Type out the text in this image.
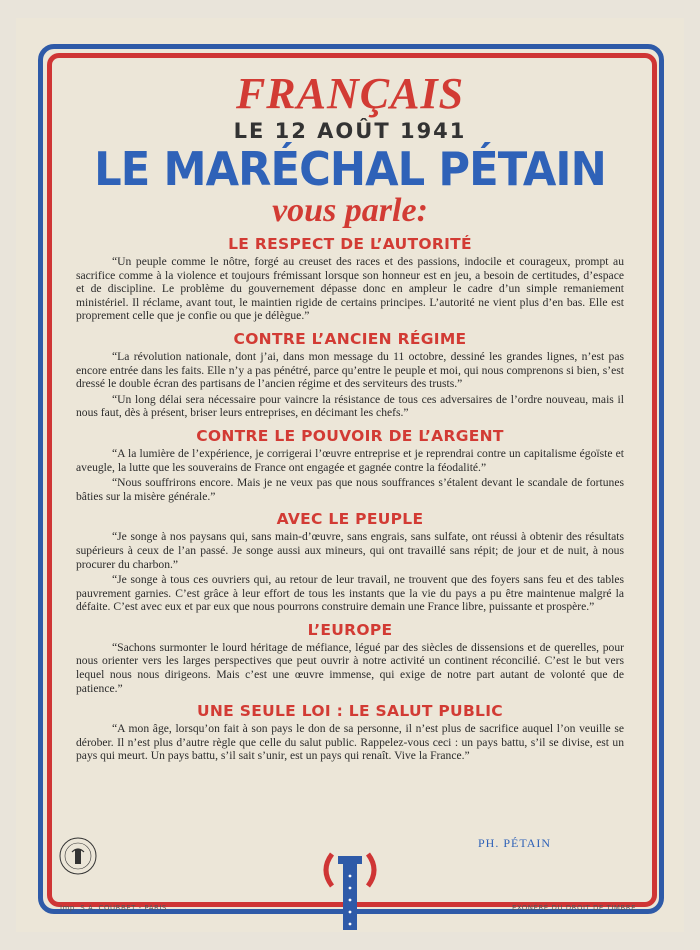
FRANÇAIS
LE 12 AOÛT 1941
LE MARÉCHAL PÉTAIN
vous parle:
LE RESPECT DE L’AUTORITÉ
“Un peuple comme le nôtre, forgé au creuset des races et des passions, indocile et courageux, prompt au sacrifice comme à la violence et toujours frémissant lorsque son honneur est en jeu, a besoin de certitudes, d’espace et de discipline. Le problème du gouvernement dépasse donc en ampleur le cadre d’un simple remaniement ministériel. Il réclame, avant tout, le maintien rigide de certains principes. L’autorité ne vient plus d’en bas. Elle est proprement celle que je confie ou que je délègue.”
CONTRE L’ANCIEN RÉGIME
“La révolution nationale, dont j’ai, dans mon message du 11 octobre, dessiné les grandes lignes, n’est pas encore entrée dans les faits. Elle n’y a pas pénétré, parce qu’entre le peuple et moi, qui nous comprenons si bien, s’est dressé le double écran des partisans de l’ancien régime et des serviteurs des trusts.”
“Un long délai sera nécessaire pour vaincre la résistance de tous ces adversaires de l’ordre nouveau, mais il nous faut, dès à présent, briser leurs entreprises, en décimant les chefs.”
CONTRE LE POUVOIR DE L’ARGENT
“A la lumière de l’expérience, je corrigerai l’œuvre entreprise et je reprendrai contre un capitalisme égoïste et aveugle, la lutte que les souverains de France ont engagée et gagnée contre la féodalité.”
“Nous souffrirons encore. Mais je ne veux pas que nous souffrances s’étalent devant le scandale de fortunes bâties sur la misère générale.”
AVEC LE PEUPLE
“Je songe à nos paysans qui, sans main-d’œuvre, sans engrais, sans sulfate, ont réussi à obtenir des résultats supérieurs à ceux de l’an passé. Je songe aussi aux mineurs, qui ont travaillé sans répit; de jour et de nuit, à nous procurer du charbon.”
“Je songe à tous ces ouvriers qui, au retour de leur travail, ne trouvent que des foyers sans feu et des tables pauvrement garnies. C’est grâce à leur effort de tous les instants que la vie du pays a pu être maintenue malgré la défaite. C’est avec eux et par eux que nous pourrons construire demain une France libre, puissante et prospère.”
L’EUROPE
“Sachons surmonter le lourd héritage de méfiance, légué par des siècles de dissensions et de querelles, pour nous orienter vers les larges perspectives que peut ouvrir à notre activité un continent réconcilié. C’est le but vers lequel nous nous dirigeons. Mais c’est une œuvre immense, qui exige de notre part autant de volonté que de patience.”
UNE SEULE LOI : LE SALUT PUBLIC
“A mon âge, lorsqu’on fait à son pays le don de sa personne, il n’est plus de sacrifice auquel l’on veuille se dérober. Il n’est plus d’autre règle que celle du salut public. Rappelez-vous ceci : un pays battu, s’il se divise, est un pays qui meurt. Un pays battu, s’il sait s’unir, est un pays qui renaît. Vive la France.”
PH. PÉTAIN
Imp. S.A. COURBET - PARIS	EXONÉRÉ DU DROIT DE TIMBRE
